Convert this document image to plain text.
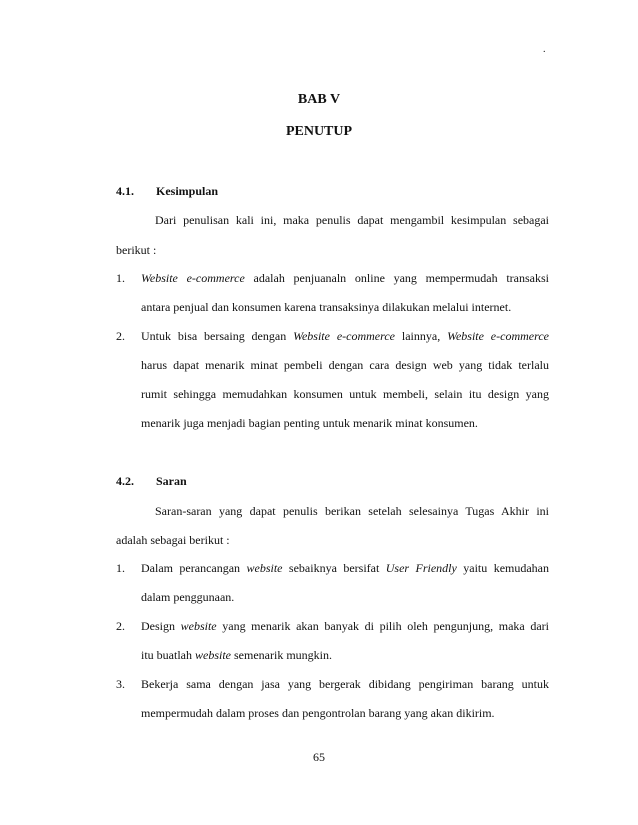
.
BAB V
PENUTUP
4.1. Kesimpulan
Dari penulisan kali ini, maka penulis dapat mengambil kesimpulan sebagai
berikut :
1. Website e-commerce adalah penjuanaln online yang mempermudah transaksi
antara penjual dan konsumen karena transaksinya dilakukan melalui internet.
2. Untuk bisa bersaing dengan Website e-commerce lainnya, Website e-commerce
harus dapat menarik minat pembeli dengan cara design web yang tidak terlalu
rumit sehingga memudahkan konsumen untuk membeli, selain itu design yang
menarik juga menjadi bagian penting untuk menarik minat konsumen.
4.2. Saran
Saran-saran yang dapat penulis berikan setelah selesainya Tugas Akhir ini
adalah sebagai berikut :
1. Dalam perancangan website sebaiknya bersifat User Friendly yaitu kemudahan
dalam penggunaan.
2. Design website yang menarik akan banyak di pilih oleh pengunjung, maka dari
itu buatlah website semenarik mungkin.
3. Bekerja sama dengan jasa yang bergerak dibidang pengiriman barang untuk
mempermudah dalam proses dan pengontrolan barang yang akan dikirim.
65
